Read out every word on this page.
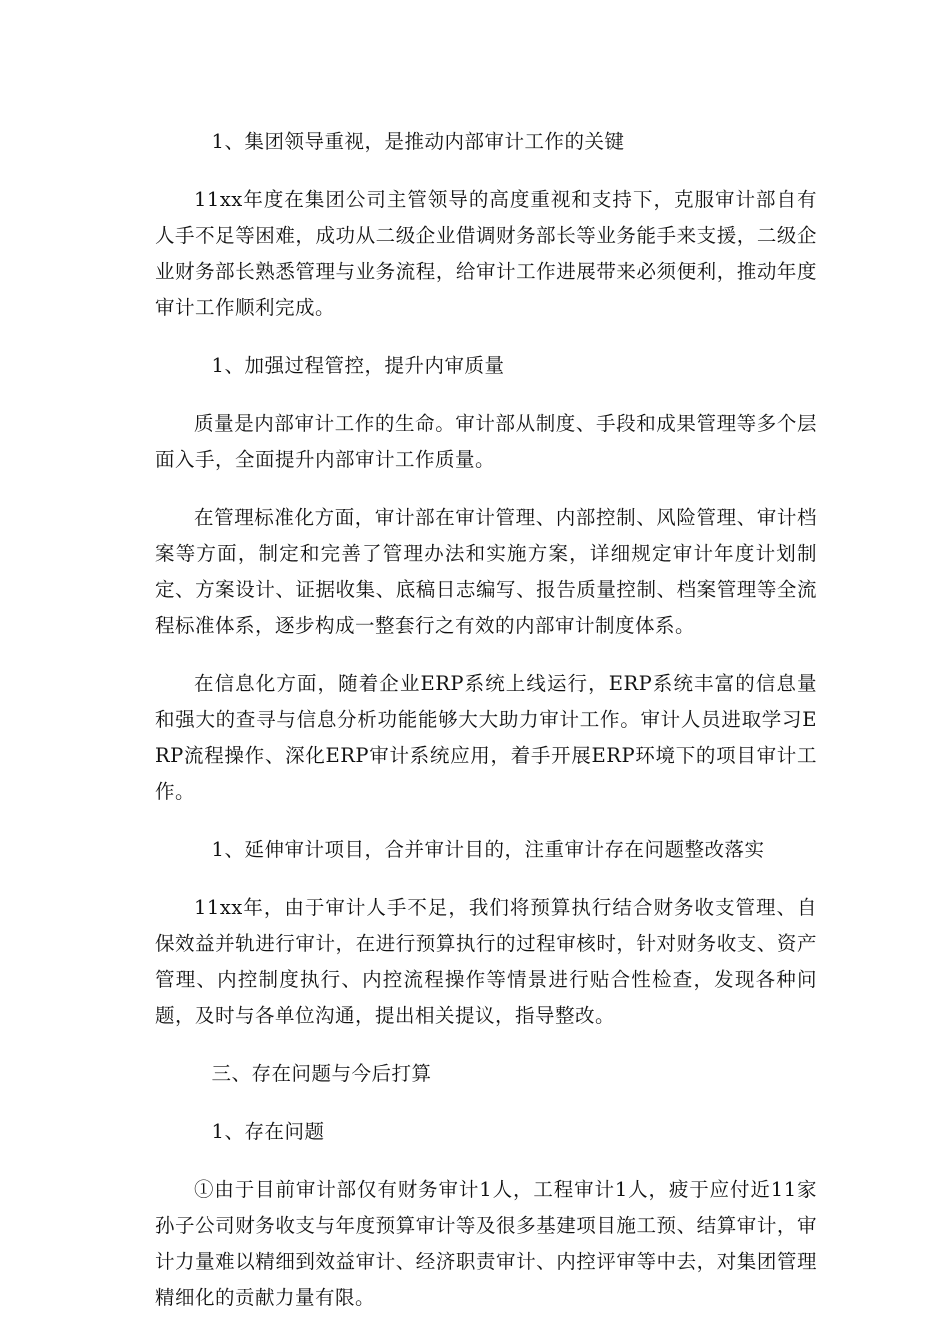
1、集团领导重视，是推动内部审计工作的关键

11xx年度在集团公司主管领导的高度重视和支持下，克服审计部自有人手不足等困难，成功从二级企业借调财务部长等业务能手来支援，二级企业财务部长熟悉管理与业务流程，给审计工作进展带来必须便利，推动年度审计工作顺利完成。

1、加强过程管控，提升内审质量

质量是内部审计工作的生命。审计部从制度、手段和成果管理等多个层面入手，全面提升内部审计工作质量。

在管理标准化方面，审计部在审计管理、内部控制、风险管理、审计档案等方面，制定和完善了管理办法和实施方案，详细规定审计年度计划制定、方案设计、证据收集、底稿日志编写、报告质量控制、档案管理等全流程标准体系，逐步构成一整套行之有效的内部审计制度体系。

在信息化方面，随着企业ERP系统上线运行，ERP系统丰富的信息量和强大的查寻与信息分析功能能够大大助力审计工作。审计人员进取学习ERP流程操作、深化ERP审计系统应用，着手开展ERP环境下的项目审计工作。

1、延伸审计项目，合并审计目的，注重审计存在问题整改落实

11xx年，由于审计人手不足，我们将预算执行结合财务收支管理、自保效益并轨进行审计，在进行预算执行的过程审核时，针对财务收支、资产管理、内控制度执行、内控流程操作等情景进行贴合性检查，发现各种问题，及时与各单位沟通，提出相关提议，指导整改。

三、存在问题与今后打算

1、存在问题

①由于目前审计部仅有财务审计1人，工程审计1人，疲于应付近11家孙子公司财务收支与年度预算审计等及很多基建项目施工预、结算审计，审计力量难以精细到效益审计、经济职责审计、内控评审等中去，对集团管理精细化的贡献力量有限。
